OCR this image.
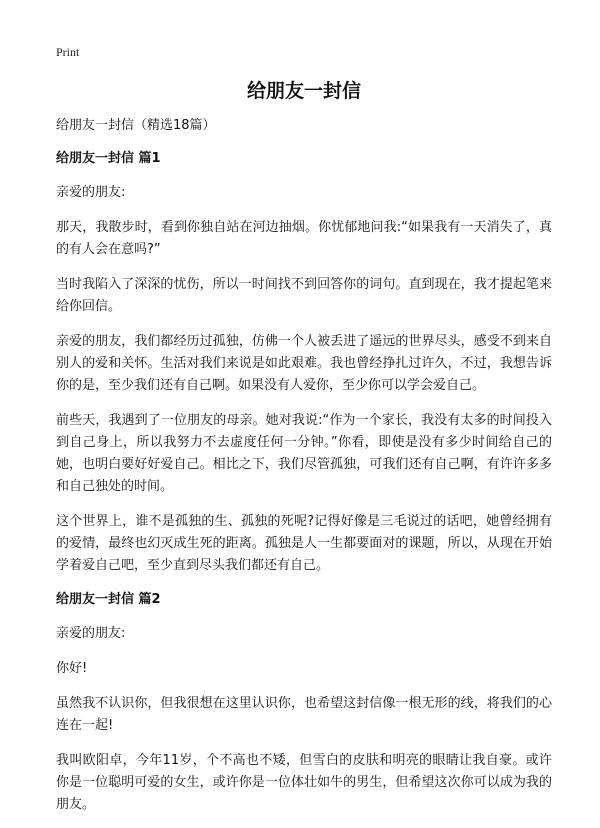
Print
给朋友一封信
给朋友一封信（精选18篇）
给朋友一封信 篇1

亲爱的朋友:

那天，我散步时，看到你独自站在河边抽烟。你忧郁地问我:“如果我有一天消失了，真的有人会在意吗?”

当时我陷入了深深的忧伤，所以一时间找不到回答你的词句。直到现在，我才提起笔来给你回信。

亲爱的朋友，我们都经历过孤独，仿佛一个人被丢进了遥远的世界尽头，感受不到来自别人的爱和关怀。生活对我们来说是如此艰难。我也曾经挣扎过许久，不过，我想告诉你的是，至少我们还有自己啊。如果没有人爱你，至少你可以学会爱自己。

前些天，我遇到了一位朋友的母亲。她对我说:“作为一个家长，我没有太多的时间投入到自己身上，所以我努力不去虚度任何一分钟。”你看，即使是没有多少时间给自己的她，也明白要好好爱自己。相比之下，我们尽管孤独，可我们还有自己啊，有许许多多和自己独处的时间。

这个世界上，谁不是孤独的生、孤独的死呢?记得好像是三毛说过的话吧，她曾经拥有的爱情，最终也幻灭成生死的距离。孤独是人一生都要面对的课题，所以，从现在开始学着爱自己吧，至少直到尽头我们都还有自己。

给朋友一封信 篇2

亲爱的朋友:

你好!

虽然我不认识你，但我很想在这里认识你，也希望这封信像一根无形的线，将我们的心连在一起!

我叫欧阳卓，今年11岁，个不高也不矮，但雪白的皮肤和明亮的眼睛让我自豪。或许你是一位聪明可爱的女生，或许你是一位体壮如牛的男生，但希望这次你可以成为我的朋友。
